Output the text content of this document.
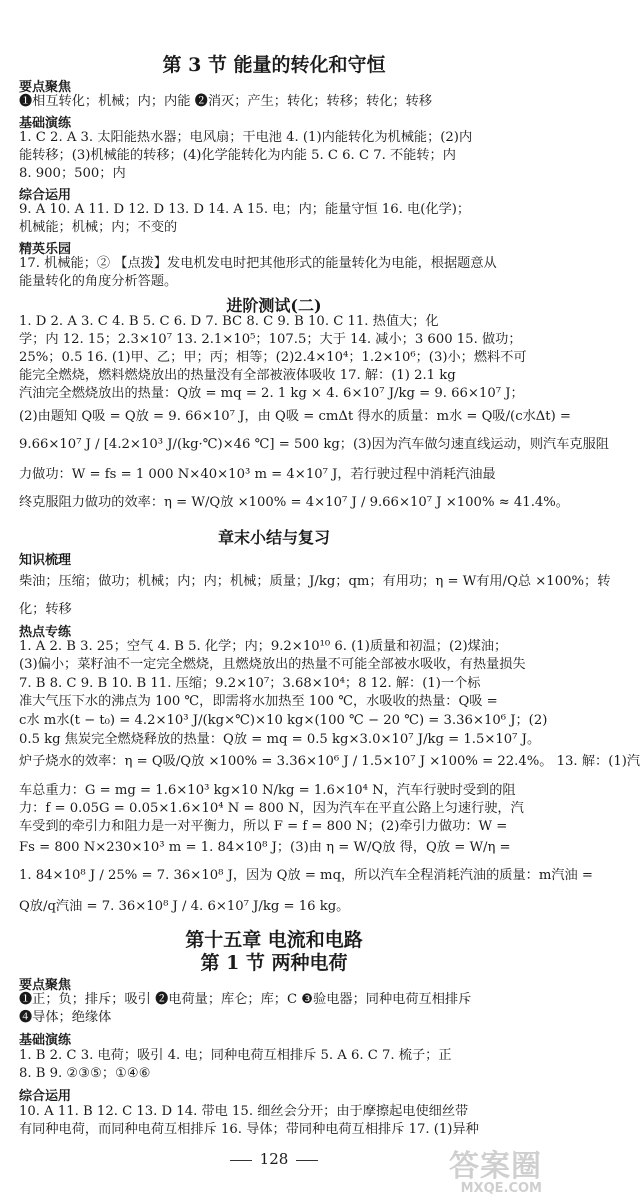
第 3 节 能量的转化和守恒
要点聚焦
❶相互转化；机械；内；内能 ❷消灭；产生；转化；转移；转化；转移
基础演练
1. C 2. A 3. 太阳能热水器；电风扇；干电池 4. (1)内能转化为机械能；(2)内
能转移；(3)机械能的转移；(4)化学能转化为内能 5. C 6. C 7. 不能转；内
8. 900；500；内
综合运用
9. A 10. A 11. D 12. D 13. D 14. A 15. 电；内；能量守恒 16. 电(化学)；
机械能；机械；内；不变的
精英乐园
17. 机械能；② 【点拨】发电机发电时把其他形式的能量转化为电能，根据题意从
能量转化的角度分析答题。
进阶测试(二)
1. D 2. A 3. C 4. B 5. C 6. D 7. BC 8. C 9. B 10. C 11. 热值大；化
学；内 12. 15；2.3×10⁷ 13. 2.1×10⁵；107.5；大于 14. 减小；3 600 15. 做功；
25%；0.5 16. (1)甲、乙；甲；丙；相等；(2)2.4×10⁴；1.2×10⁶；(3)小；燃料不可
能完全燃烧，燃料燃烧放出的热量没有全部被液体吸收 17. 解：(1) 2.1 kg
汽油完全燃烧放出的热量：Q放 = mq = 2. 1 kg × 4. 6×10⁷ J/kg = 9. 66×10⁷ J；
(2)由题知 Q吸 = Q放 = 9. 66×10⁷ J，由 Q吸 = cmΔt 得水的质量：m水 = Q吸/(c水Δt) =
9.66×10⁷ J / [4.2×10³ J/(kg·℃)×46 ℃] = 500 kg；(3)因为汽车做匀速直线运动，则汽车克服阻
力做功：W = fs = 1 000 N×40×10³ m = 4×10⁷ J，若行驶过程中消耗汽油最
终克服阻力做功的效率：η = W/Q放 ×100% = 4×10⁷ J / 9.66×10⁷ J ×100% ≈ 41.4%。
章末小结与复习
知识梳理
柴油；压缩；做功；机械；内；内；机械；质量；J/kg；qm；有用功；η = W有用/Q总 ×100%；转
化；转移
热点专练
1. A 2. B 3. 25；空气 4. B 5. 化学；内；9.2×10¹⁰ 6. (1)质量和初温；(2)煤油；
(3)偏小；菜籽油不一定完全燃烧，且燃烧放出的热量不可能全部被水吸收，有热量损失
7. B 8. C 9. B 10. B 11. 压缩；9.2×10⁷；3.68×10⁴；8 12. 解：(1)一个标
准大气压下水的沸点为 100 ℃，即需将水加热至 100 ℃，水吸收的热量：Q吸 =
c水 m水(t − t₀) = 4.2×10³ J/(kg×℃)×10 kg×(100 ℃ − 20 ℃) = 3.36×10⁶ J；(2)
0.5 kg 焦炭完全燃烧释放的热量：Q放 = mq = 0.5 kg×3.0×10⁷ J/kg = 1.5×10⁷ J。
炉子烧水的效率：η = Q吸/Q放 ×100% = 3.36×10⁶ J / 1.5×10⁷ J ×100% = 22.4%。 13. 解：(1)汽
车总重力：G = mg = 1.6×10³ kg×10 N/kg = 1.6×10⁴ N，汽车行驶时受到的阻
力：f = 0.05G = 0.05×1.6×10⁴ N = 800 N，因为汽车在平直公路上匀速行驶，汽
车受到的牵引力和阻力是一对平衡力，所以 F = f = 800 N；(2)牵引力做功：W =
Fs = 800 N×230×10³ m = 1. 84×10⁸ J；(3)由 η = W/Q放 得，Q放 = W/η =
1. 84×10⁸ J / 25% = 7. 36×10⁸ J，因为 Q放 = mq，所以汽车全程消耗汽油的质量：m汽油 =
Q放/q汽油 = 7. 36×10⁸ J / 4. 6×10⁷ J/kg = 16 kg。
第十五章 电流和电路
第 1 节 两种电荷
要点聚焦
❶正；负；排斥；吸引 ❷电荷量；库仑；库；C ❸验电器；同种电荷互相排斥
❹导体；绝缘体
基础演练
1. B 2. C 3. 电荷；吸引 4. 电；同种电荷互相排斥 5. A 6. C 7. 梳子；正
8. B 9. ②③⑤；①④⑥
综合运用
10. A 11. B 12. C 13. D 14. 带电 15. 细丝会分开；由于摩擦起电使细丝带
有同种电荷，而同种电荷互相排斥 16. 导体；带同种电荷互相排斥 17. (1)异种
128	答案圈
MXQE.COM
